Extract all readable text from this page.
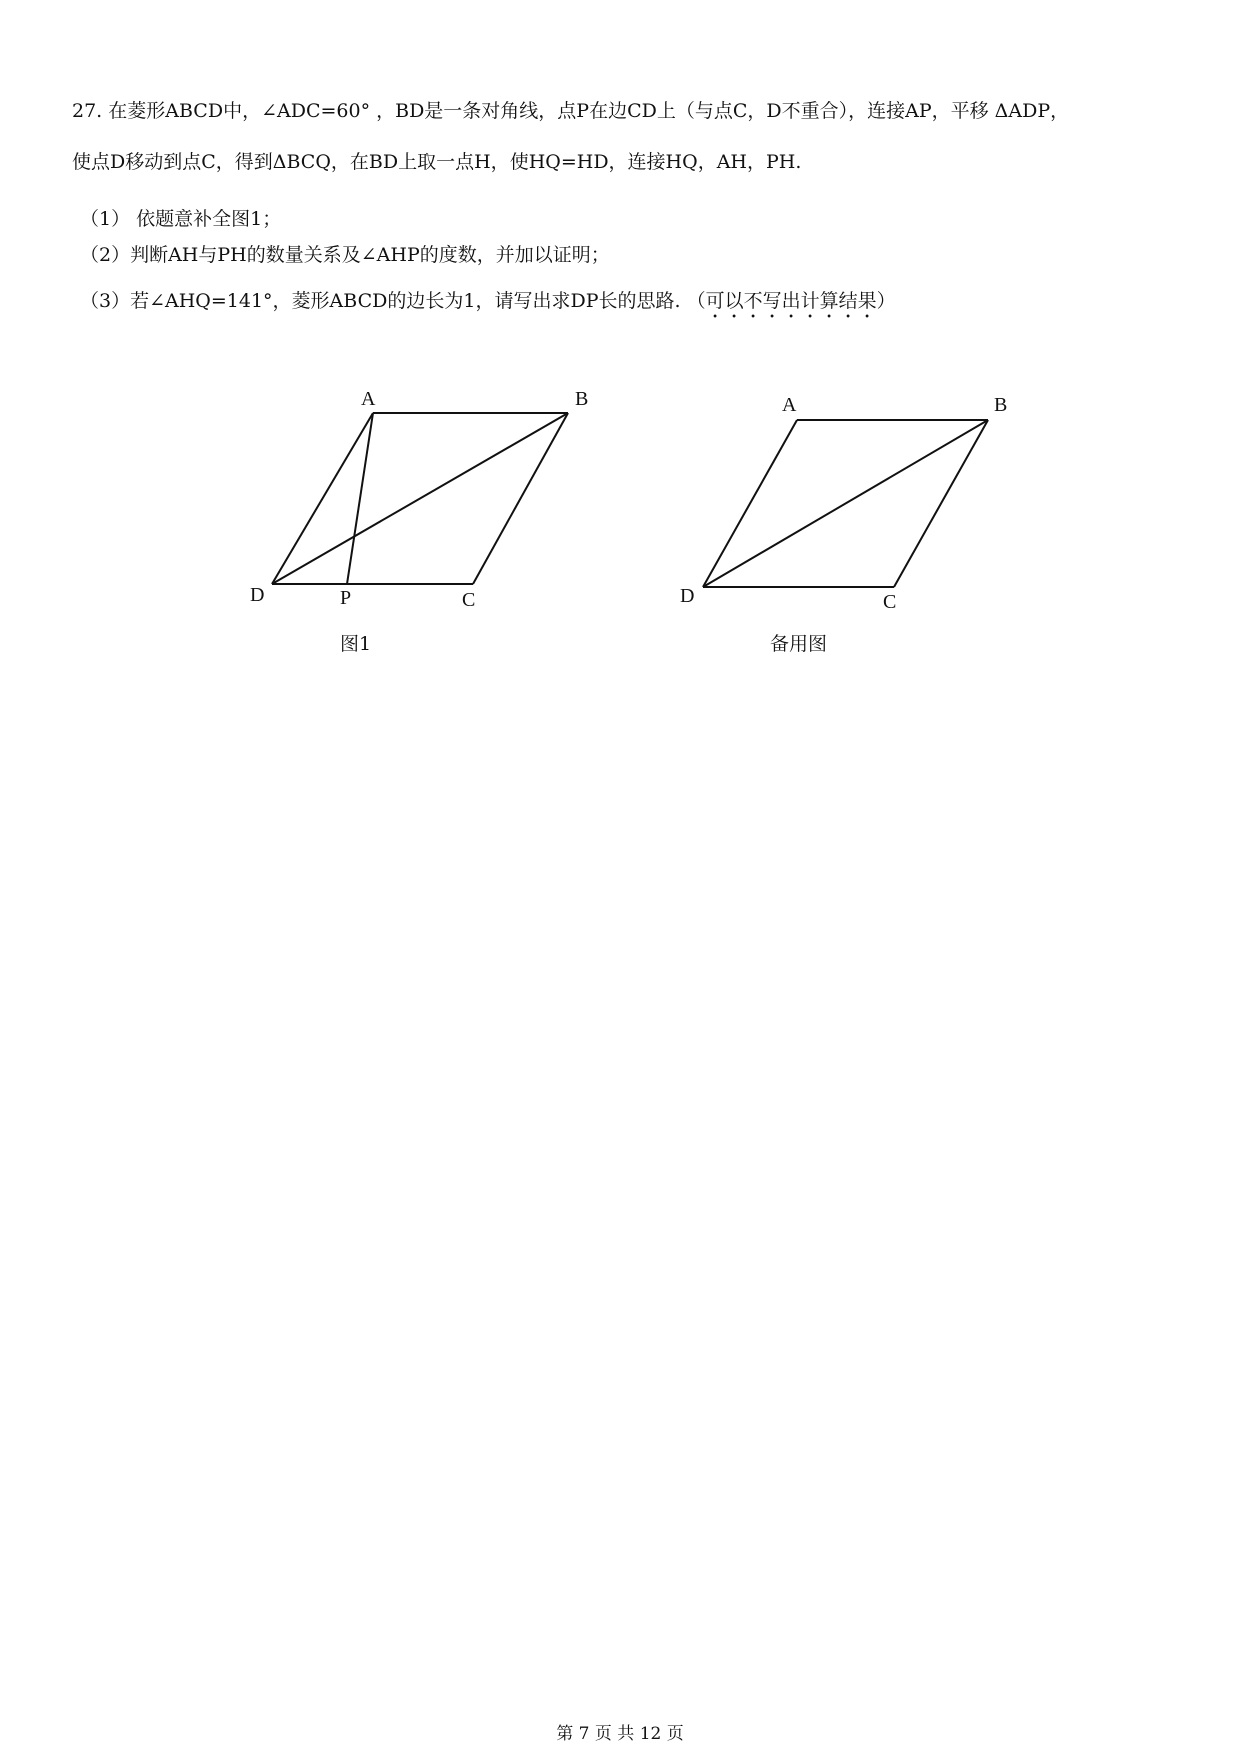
27. 在菱形ABCD中，∠ADC=60° ，BD是一条对角线，点P在边CD上（与点C，D不重合），连接AP，平移 ΔADP，
使点D移动到点C，得到ΔBCQ，在BD上取一点H，使HQ=HD，连接HQ，AH，PH.
（1） 依题意补全图1；
（2）判断AH与PH的数量关系及∠AHP的度数，并加以证明；
（3）若∠AHQ=141°，菱形ABCD的边长为1，请写出求DP长的思路. （可以不写出计算结果）
A	B
D	P	C
图1
A	B
D	C
备用图
第 7 页 共 12 页
